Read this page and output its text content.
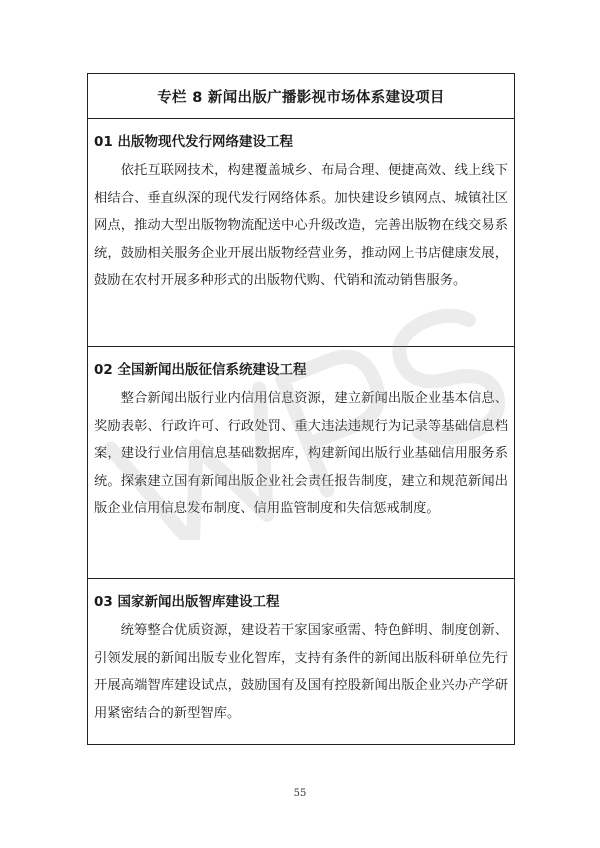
专栏 8 新闻出版广播影视市场体系建设项目
01 出版物现代发行网络建设工程

依托互联网技术，构建覆盖城乡、布局合理、便捷高效、线上线下相结合、垂直纵深的现代发行网络体系。加快建设乡镇网点、城镇社区网点，推动大型出版物物流配送中心升级改造，完善出版物在线交易系统，鼓励相关服务企业开展出版物经营业务，推动网上书店健康发展，鼓励在农村开展多种形式的出版物代购、代销和流动销售服务。

02 全国新闻出版征信系统建设工程

整合新闻出版行业内信用信息资源，建立新闻出版企业基本信息、奖励表彰、行政许可、行政处罚、重大违法违规行为记录等基础信息档案，建设行业信用信息基础数据库，构建新闻出版行业基础信用服务系统。探索建立国有新闻出版企业社会责任报告制度，建立和规范新闻出版企业信用信息发布制度、信用监管制度和失信惩戒制度。

03 国家新闻出版智库建设工程

统筹整合优质资源，建设若干家国家亟需、特色鲜明、制度创新、引领发展的新闻出版专业化智库，支持有条件的新闻出版科研单位先行开展高端智库建设试点，鼓励国有及国有控股新闻出版企业兴办产学研用紧密结合的新型智库。

55
